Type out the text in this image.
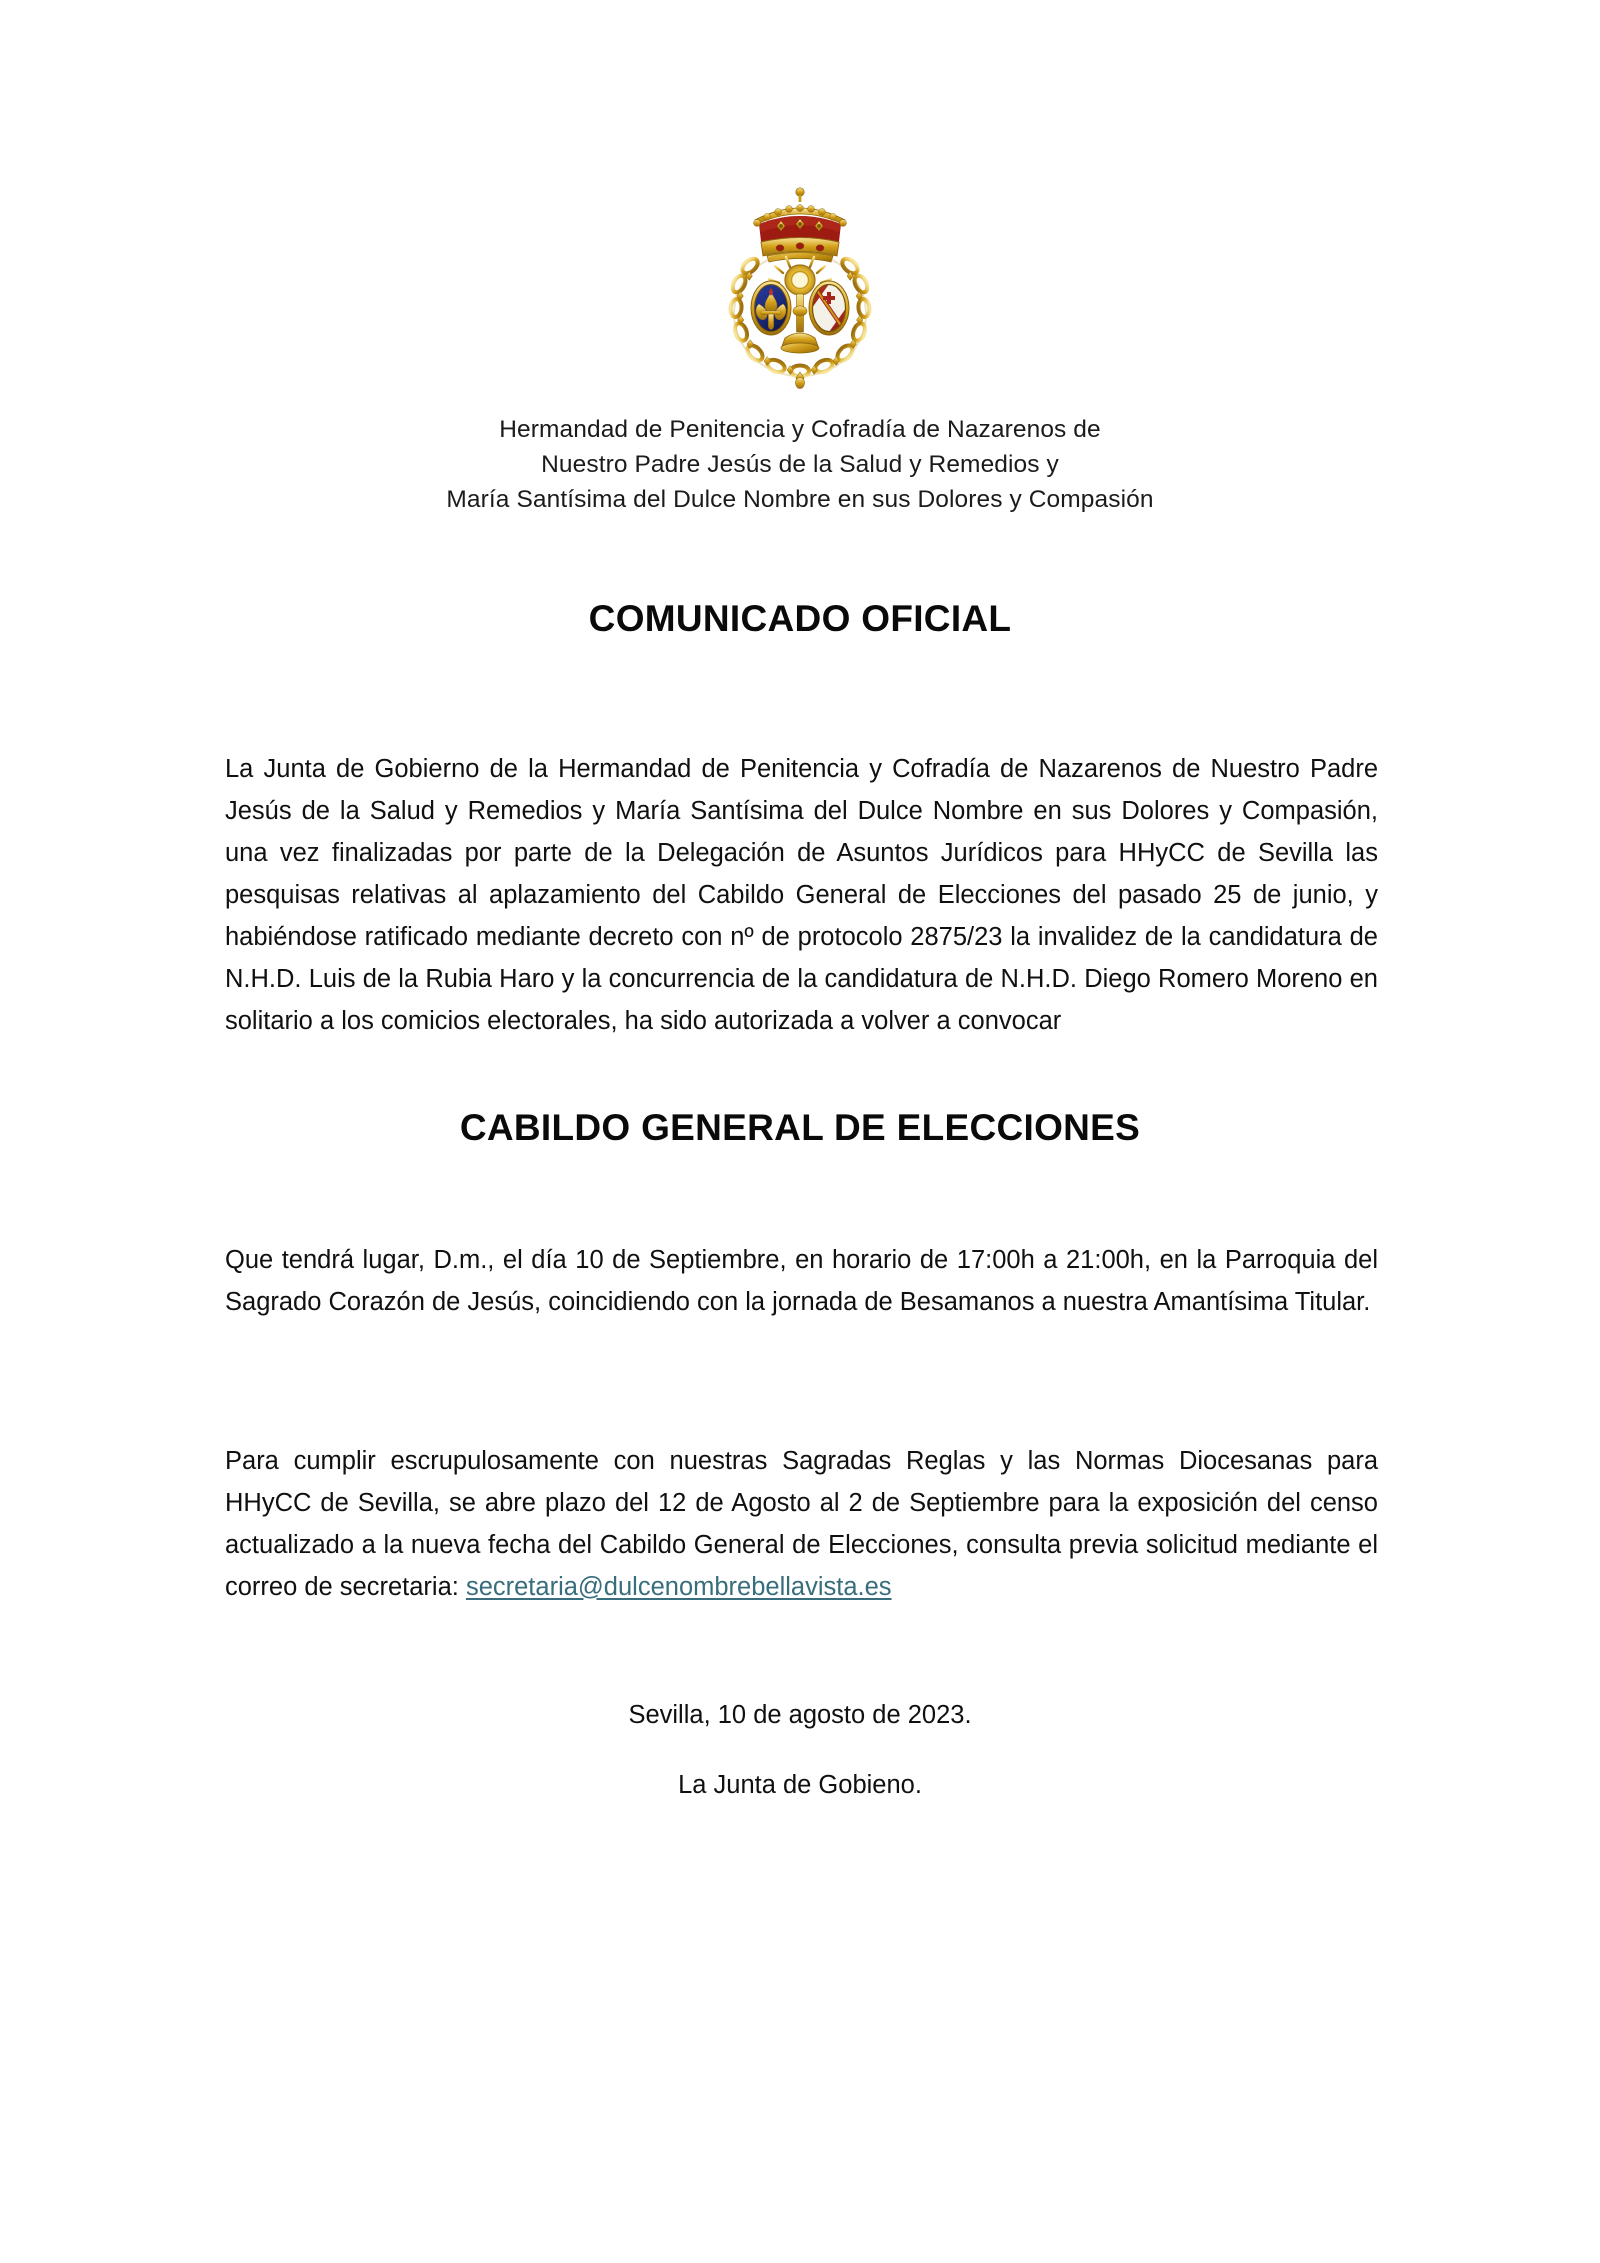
Hermandad de Penitencia y Cofradía de Nazarenos de
Nuestro Padre Jesús de la Salud y Remedios y
María Santísima del Dulce Nombre en sus Dolores y Compasión
COMUNICADO OFICIAL

La Junta de Gobierno de la Hermandad de Penitencia y Cofradía de Nazarenos de Nuestro Padre Jesús de la Salud y Remedios y María Santísima del Dulce Nombre en sus Dolores y Compasión, una vez finalizadas por parte de la Delegación de Asuntos Jurídicos para HHyCC de Sevilla las pesquisas relativas al aplazamiento del Cabildo General de Elecciones del pasado 25 de junio, y habiéndose ratificado mediante decreto con nº de protocolo 2875/23 la invalidez de la candidatura de N.H.D. Luis de la Rubia Haro y la concurrencia de la candidatura de N.H.D. Diego Romero Moreno en solitario a los comicios electorales, ha sido autorizada a volver a convocar

CABILDO GENERAL DE ELECCIONES

Que tendrá lugar, D.m., el día 10 de Septiembre, en horario de 17:00h a 21:00h, en la Parroquia del Sagrado Corazón de Jesús, coincidiendo con la jornada de Besamanos a nuestra Amantísima Titular.

Para cumplir escrupulosamente con nuestras Sagradas Reglas y las Normas Diocesanas para HHyCC de Sevilla, se abre plazo del 12 de Agosto al 2 de Septiembre para la exposición del censo actualizado a la nueva fecha del Cabildo General de Elecciones, consulta previa solicitud mediante el correo de secretaria: secretaria@dulcenombrebellavista.es

Sevilla, 10 de agosto de 2023.
La Junta de Gobieno.
